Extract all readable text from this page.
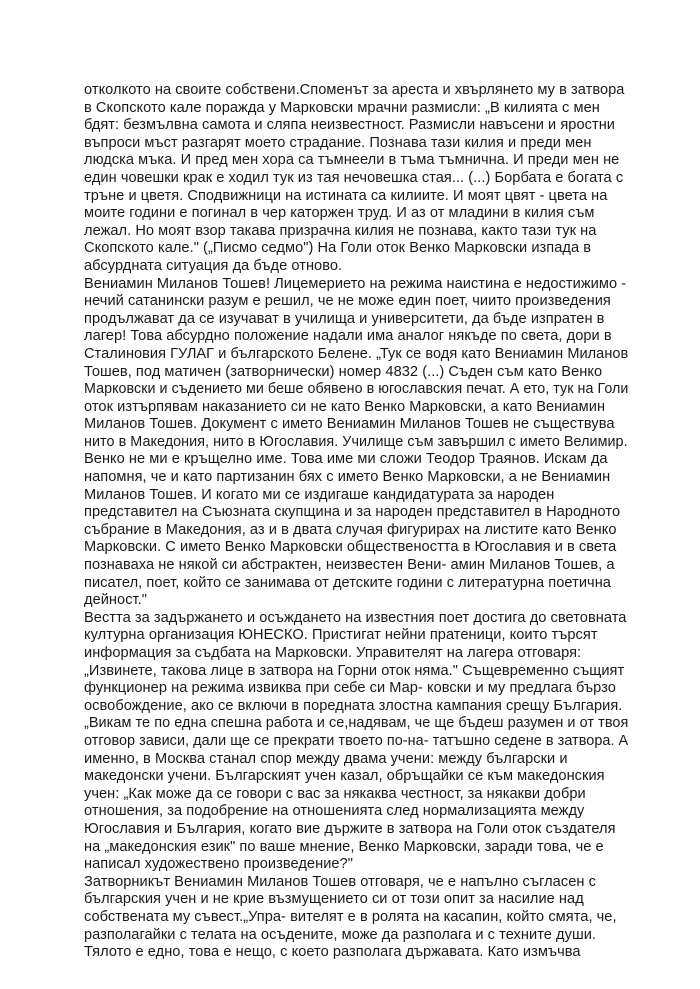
отколкото на своите собствени.Споменът за ареста и хвърлянето му в затвора
в Скопското кале поражда у Марковски мрачни размисли: „В килията с мен
бдят: безмълвна самота и сляпа неизвестност. Размисли навъсени и яростни
въпроси мъст разгарят моето страдание. Познава тази килия и преди мен
людска мъка. И пред мен хора са тъмнеели в тъма тъмнична. И преди мен не
един човешки крак е ходил тук из тая нечовешка стая... (...) Борбата е богата с
тръне и цветя. Сподвижници на истината са килиите. И моят цвят - цвета на
моите години е погинал в чер каторжен труд. И аз от младини в килия съм
лежал. Но моят взор такава призрачна килия не познава, както тази тук на
Скопското кале." („Писмо седмо") На Голи оток Венко Марковски изпада в
абсурдната ситуация да бъде отново.
Вениамин Миланов Тошев! Лицемерието на режима наистина е недостижимо -
нечий сатанински разум е решил, че не може един поет, чиито произведения
продължават да се изучават в училища и университети, да бъде изпратен в
лагер! Това абсурдно положение надали има аналог някъде по света, дори в
Сталиновия ГУЛАГ и българското Белене. „Тук се водя като Вениамин Миланов
Тошев, под матичен (затворнически) номер 4832 (...) Съден съм като Венко
Марковски и съдението ми беше обявено в югославския печат. А ето, тук на Голи
оток изтърпявам наказанието си не като Венко Марковски, а като Вениамин
Миланов Тошев. Документ с името Вениамин Миланов Тошев не съществува
нито в Македония, нито в Югославия. Училище съм завършил с името Велимир.
Венко не ми е кръщелно име. Това име ми сложи Теодор Траянов. Искам да
напомня, че и като партизанин бях с името Венко Марковски, а не Вениамин
Миланов Тошев. И когато ми се издигаше кандидатурата за народен
представител на Съюзната скупщина и за народен представител в Народното
събрание в Македония, аз и в двата случая фигурирах на листите като Венко
Марковски. С името Венко Марковски обществеността в Югославия и в света
познаваха не някой си абстрактен, неизвестен Вени- амин Миланов Тошев, а
писател, поет, който се занимава от детските години с литературна поетична
дейност."
Вестта за задържането и осъждането на известния поет достига до световната
културна организация ЮНЕСКО. Пристигат нейни пратеници, които търсят
информация за съдбата на Марковски. Управителят на лагера отговаря:
„Извинете, такова лице в затвора на Горни оток няма." Същевременно същият
функционер на режима извиква при себе си Мар- ковски и му предлага бързо
освобождение, ако се включи в поредната злостна кампания срещу България.
„Викам те по една спешна работа и се,надявам, че ще бъдеш разумен и от твоя
отговор зависи, дали ще се прекрати твоето по-на- татъшно седене в затвора. А
именно, в Москва станал спор между двама учени: между български и
македонски учени. Българският учен казал, обръщайки се към македонския
учен: „Как може да се говори с вас за някаква честност, за някакви добри
отношения, за подобрение на отношенията след нормализацията между
Югославия и България, когато вие държите в затвора на Голи оток създателя
на „македонския език" по ваше мнение, Венко Марковски, заради това, че е
написал художествено произведение?"
Затворникът Вениамин Миланов Тошев отговаря, че е напълно съгласен с
българския учен и не крие възмущението си от този опит за насилие над
собствената му съвест.„Упра- вителят е в ролята на касапин, който смята, че,
разполагайки с телата на осъдените, може да разполага и с техните души.
Тялото е едно, това е нещо, с което разполага държавата. Като измъчва
